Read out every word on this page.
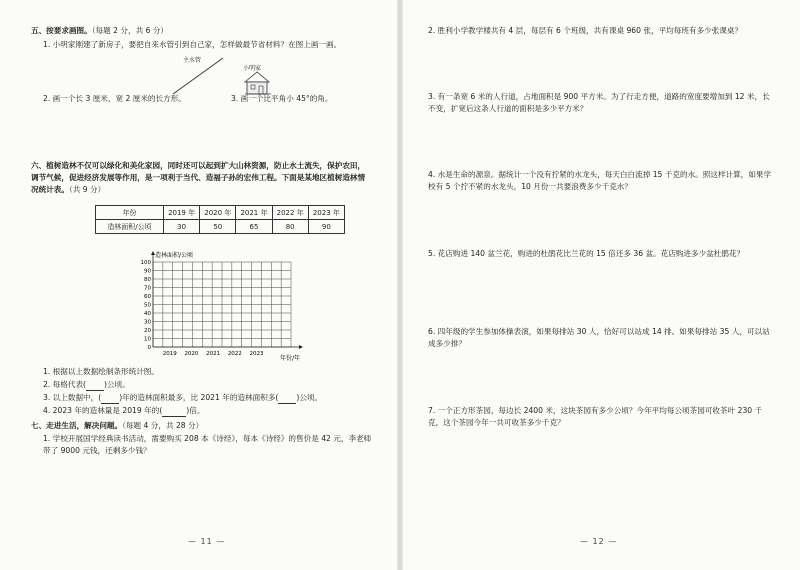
五、按要求画图。（每题 2 分，共 6 分）
1. 小明家刚建了新房子，要把自来水管引到自己家，怎样做最节省材料？在图上画一画。
主水管
小明家
2. 画一个长 3 厘米，宽 2 厘米的长方形。	3. 画一个比平角小 45°的角。
六、植树造林不仅可以绿化和美化家园，同时还可以起到扩大山林资源，防止水土流失，保护农田，调节气候，促进经济发展等作用，是一项利于当代、造福子孙的宏伟工程。下面是某地区植树造林情况统计表。（共 9 分）
年份	2019 年	2020 年	2021 年	2022 年	2023 年
造林面积/公顷	30	50	65	80	90
造林面积/公顷
0
10
20
30
40
50
60
70
80
90
100
2019 2020 2021 2022 2023
年份/年
1. 根据以上数据绘制条形统计图。
2. 每格代表( )公顷。
3. 以上数据中，( )年的造林面积最多，比 2021 年的造林面积多( )公顷。
4. 2023 年的造林量是 2019 年的(	)倍。
七、走进生活，解决问题。（每题 4 分，共 28 分）
1. 学校开展国学经典读书活动，需要购买 208 本《诗经》，每本《诗经》的售价是 42 元，李老师带了 9000 元钱，还剩多少钱？
— 11 —
2. 胜利小学教学楼共有 4 层，每层有 6 个班级，共有课桌 960 张，平均每班有多少张课桌？
3. 有一条宽 6 米的人行道，占地面积是 900 平方米。为了行走方便，道路的宽度要增加到 12 米，长不变，扩宽后这条人行道的面积是多少平方米？
4. 水是生命的源泉。据统计一个没有拧紧的水龙头，每天白白流掉 15 千克的水。照这样计算，如果学校有 5 个拧不紧的水龙头，10 月份一共要浪费多少千克水？
5. 花店购进 140 盆兰花，购进的杜鹃花比兰花的 15 倍还多 36 盆。花店购进多少盆杜鹃花？
6. 四年级的学生参加体操表演，如果每排站 30 人，恰好可以站成 14 排。如果每排站 35 人，可以站成多少排？
7. 一个正方形茶园，每边长 2400 米，这块茶园有多少公顷？今年平均每公顷茶园可收茶叶 230 千克，这个茶园今年一共可收茶多少千克？
— 12 —
